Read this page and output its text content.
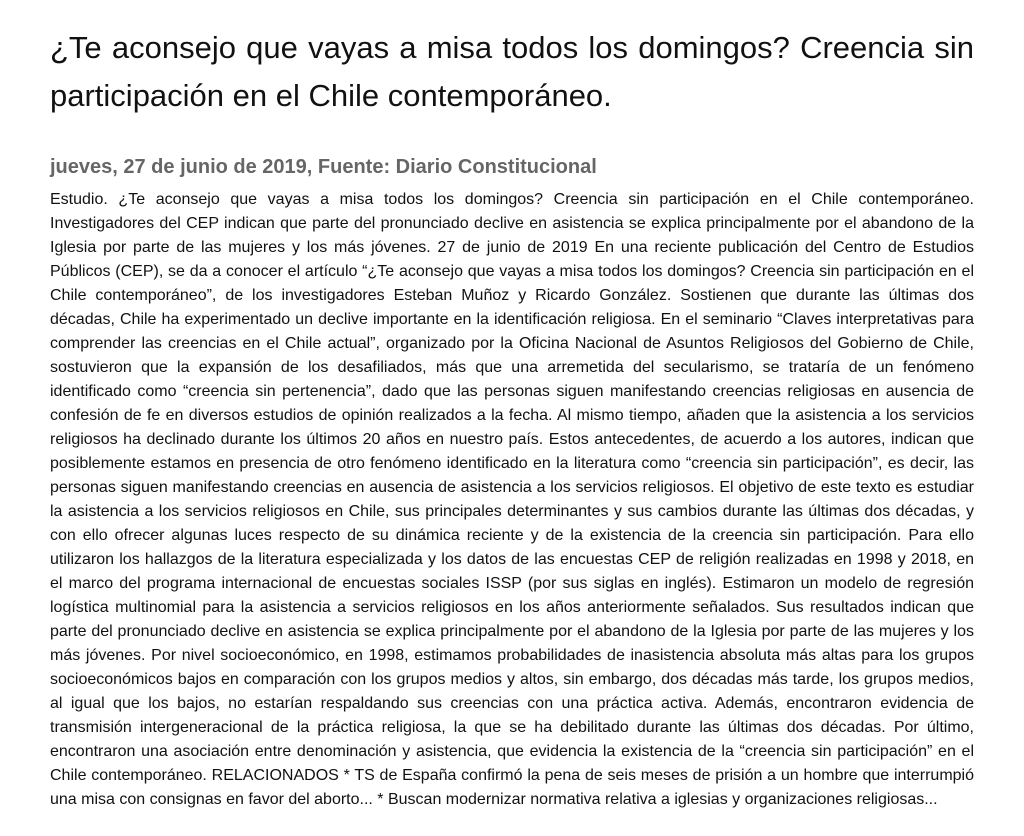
¿Te aconsejo que vayas a misa todos los domingos? Creencia sin participación en el Chile contemporáneo.
jueves, 27 de junio de 2019, Fuente: Diario Constitucional

Estudio. ¿Te aconsejo que vayas a misa todos los domingos? Creencia sin participación en el Chile contemporáneo. Investigadores del CEP indican que parte del pronunciado declive en asistencia se explica principalmente por el abandono de la Iglesia por parte de las mujeres y los más jóvenes. 27 de junio de 2019 En una reciente publicación del Centro de Estudios Públicos (CEP), se da a conocer el artículo “¿Te aconsejo que vayas a misa todos los domingos? Creencia sin participación en el Chile contemporáneo”, de los investigadores Esteban Muñoz y Ricardo González. Sostienen que durante las últimas dos décadas, Chile ha experimentado un declive importante en la identificación religiosa. En el seminario “Claves interpretativas para comprender las creencias en el Chile actual”, organizado por la Oficina Nacional de Asuntos Religiosos del Gobierno de Chile, sostuvieron que la expansión de los desafiliados, más que una arremetida del secularismo, se trataría de un fenómeno identificado como “creencia sin pertenencia”, dado que las personas siguen manifestando creencias religiosas en ausencia de confesión de fe en diversos estudios de opinión realizados a la fecha. Al mismo tiempo, añaden que la asistencia a los servicios religiosos ha declinado durante los últimos 20 años en nuestro país. Estos antecedentes, de acuerdo a los autores, indican que posiblemente estamos en presencia de otro fenómeno identificado en la literatura como “creencia sin participación”, es decir, las personas siguen manifestando creencias en ausencia de asistencia a los servicios religiosos. El objetivo de este texto es estudiar la asistencia a los servicios religiosos en Chile, sus principales determinantes y sus cambios durante las últimas dos décadas, y con ello ofrecer algunas luces respecto de su dinámica reciente y de la existencia de la creencia sin participación. Para ello utilizaron los hallazgos de la literatura especializada y los datos de las encuestas CEP de religión realizadas en 1998 y 2018, en el marco del programa internacional de encuestas sociales ISSP (por sus siglas en inglés). Estimaron un modelo de regresión logística multinomial para la asistencia a servicios religiosos en los años anteriormente señalados. Sus resultados indican que parte del pronunciado declive en asistencia se explica principalmente por el abandono de la Iglesia por parte de las mujeres y los más jóvenes. Por nivel socioeconómico, en 1998, estimamos probabilidades de inasistencia absoluta más altas para los grupos socioeconómicos bajos en comparación con los grupos medios y altos, sin embargo, dos décadas más tarde, los grupos medios, al igual que los bajos, no estarían respaldando sus creencias con una práctica activa. Además, encontraron evidencia de transmisión intergeneracional de la práctica religiosa, la que se ha debilitado durante las últimas dos décadas. Por último, encontraron una asociación entre denominación y asistencia, que evidencia la existencia de la “creencia sin participación” en el Chile contemporáneo. RELACIONADOS * TS de España confirmó la pena de seis meses de prisión a un hombre que interrumpió una misa con consignas en favor del aborto... * Buscan modernizar normativa relativa a iglesias y organizaciones religiosas...
